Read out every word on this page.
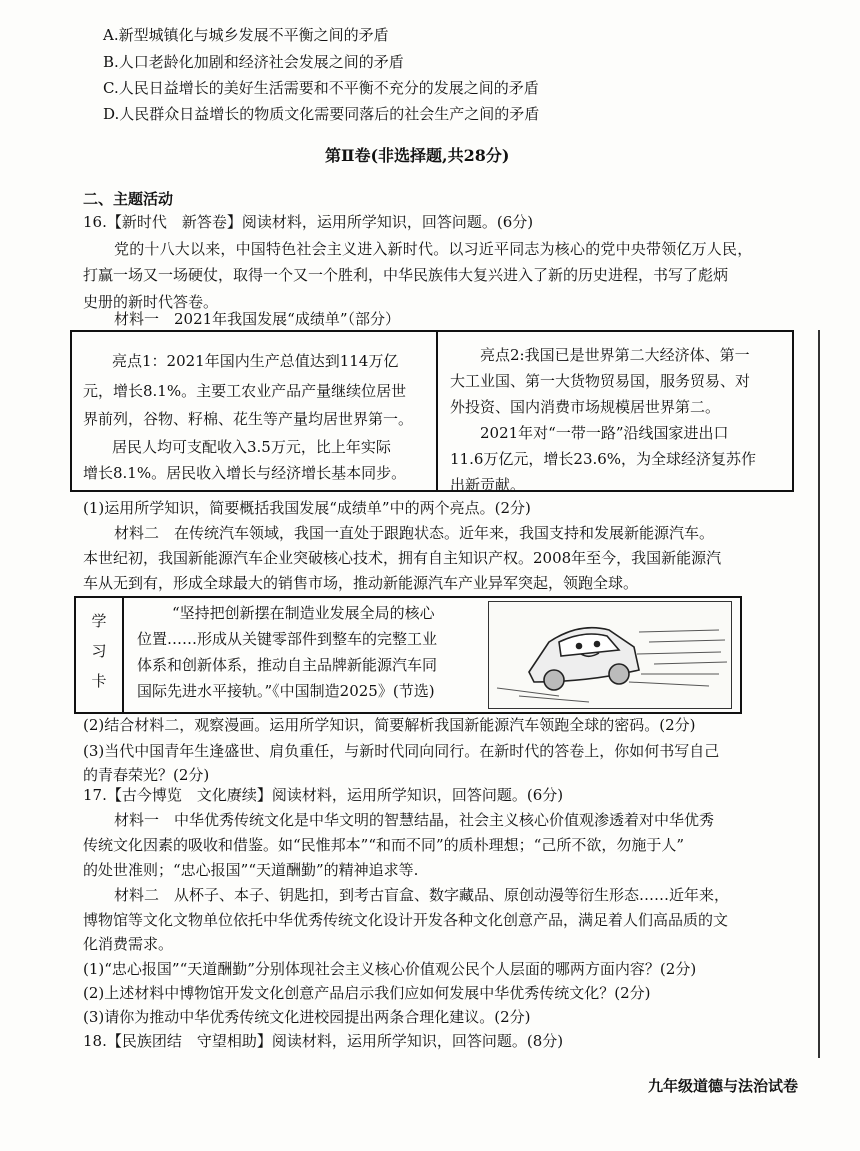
A.新型城镇化与城乡发展不平衡之间的矛盾
B.人口老龄化加剧和经济社会发展之间的矛盾
C.人民日益增长的美好生活需要和不平衡不充分的发展之间的矛盾
D.人民群众日益增长的物质文化需要同落后的社会生产之间的矛盾
第Ⅱ卷(非选择题,共28分)
二、主题活动
16.【新时代　新答卷】阅读材料，运用所学知识，回答问题。(6分)
党的十八大以来，中国特色社会主义进入新时代。以习近平同志为核心的党中央带领亿万人民，
打赢一场又一场硬仗，取得一个又一个胜利，中华民族伟大复兴进入了新的历史进程，书写了彪炳
史册的新时代答卷。
材料一　2021年我国发展“成绩单”（部分）
亮点1：2021年国内生产总值达到114万亿
元，增长8.1%。主要工农业产品产量继续位居世
界前列，谷物、籽棉、花生等产量均居世界第一。
居民人均可支配收入3.5万元，比上年实际
增长8.1%。居民收入增长与经济增长基本同步。
亮点2:我国已是世界第二大经济体、第一
大工业国、第一大货物贸易国，服务贸易、对
外投资、国内消费市场规模居世界第二。
2021年对“一带一路”沿线国家进出口
11.6万亿元，增长23.6%，为全球经济复苏作
出新贡献。
(1)运用所学知识，简要概括我国发展“成绩单”中的两个亮点。(2分)
材料二　在传统汽车领域，我国一直处于跟跑状态。近年来，我国支持和发展新能源汽车。
本世纪初，我国新能源汽车企业突破核心技术，拥有自主知识产权。2008年至今，我国新能源汽
车从无到有，形成全球最大的销售市场，推动新能源汽车产业异军突起，领跑全球。
学
习
卡
“坚持把创新摆在制造业发展全局的核心
位置……形成从关键零部件到整车的完整工业
体系和创新体系，推动自主品牌新能源汽车同
国际先进水平接轨。”《中国制造2025》(节选)
(2)结合材料二，观察漫画。运用所学知识，简要解析我国新能源汽车领跑全球的密码。(2分)
(3)当代中国青年生逢盛世、肩负重任，与新时代同向同行。在新时代的答卷上，你如何书写自己
的青春荣光？(2分)
17.【古今博览　文化赓续】阅读材料，运用所学知识，回答问题。(6分)
材料一　中华优秀传统文化是中华文明的智慧结晶，社会主义核心价值观渗透着对中华优秀
传统文化因素的吸收和借鉴。如“民惟邦本”“和而不同”的质朴理想；“己所不欲，勿施于人”
的处世准则；“忠心报国”“天道酬勤”的精神追求等.
材料二　从杯子、本子、钥匙扣，到考古盲盒、数字藏品、原创动漫等衍生形态……近年来，
博物馆等文化文物单位依托中华优秀传统文化设计开发各种文化创意产品，满足着人们高品质的文
化消费需求。
(1)“忠心报国”“天道酬勤”分别体现社会主义核心价值观公民个人层面的哪两方面内容？(2分)
(2)上述材料中博物馆开发文化创意产品启示我们应如何发展中华优秀传统文化？(2分)
(3)请你为推动中华优秀传统文化进校园提出两条合理化建议。(2分)
18.【民族团结　守望相助】阅读材料，运用所学知识，回答问题。(8分)
九年级道德与法治试卷
